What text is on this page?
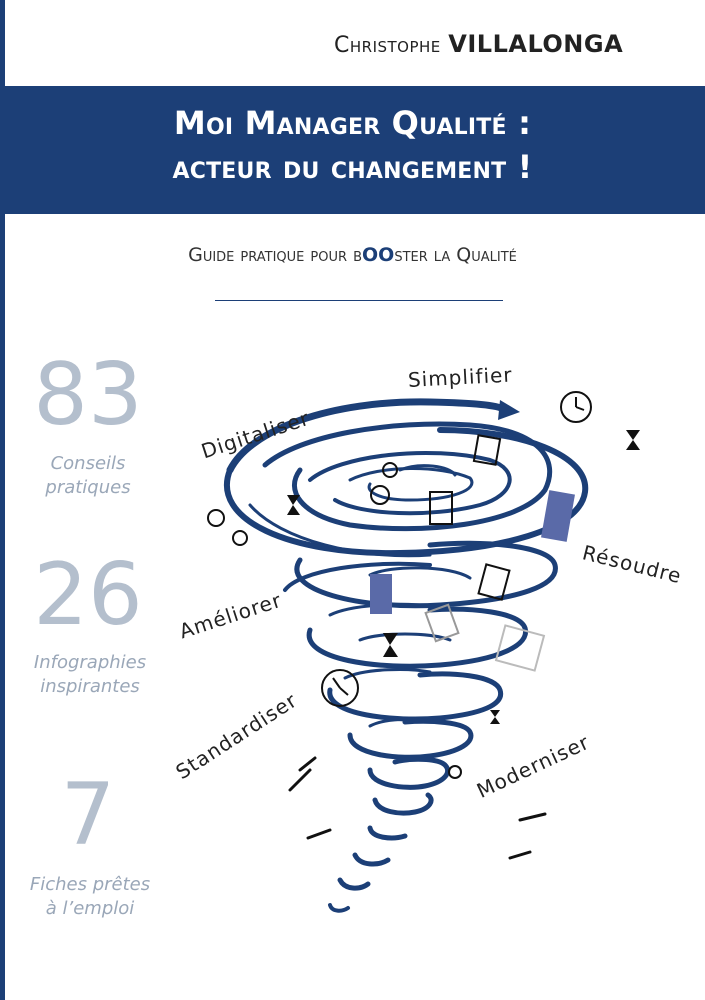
Christophe VILLALONGA
Moi Manager Qualité :
acteur du changement !
Guide pratique pour bOOster la Qualité
83
Conseils
pratiques
26
Infographies
inspirantes
7
Fiches prêtes
à l’emploi
Digitaliser
Simplifier
Résoudre
Améliorer
Standardiser	Moderniser
